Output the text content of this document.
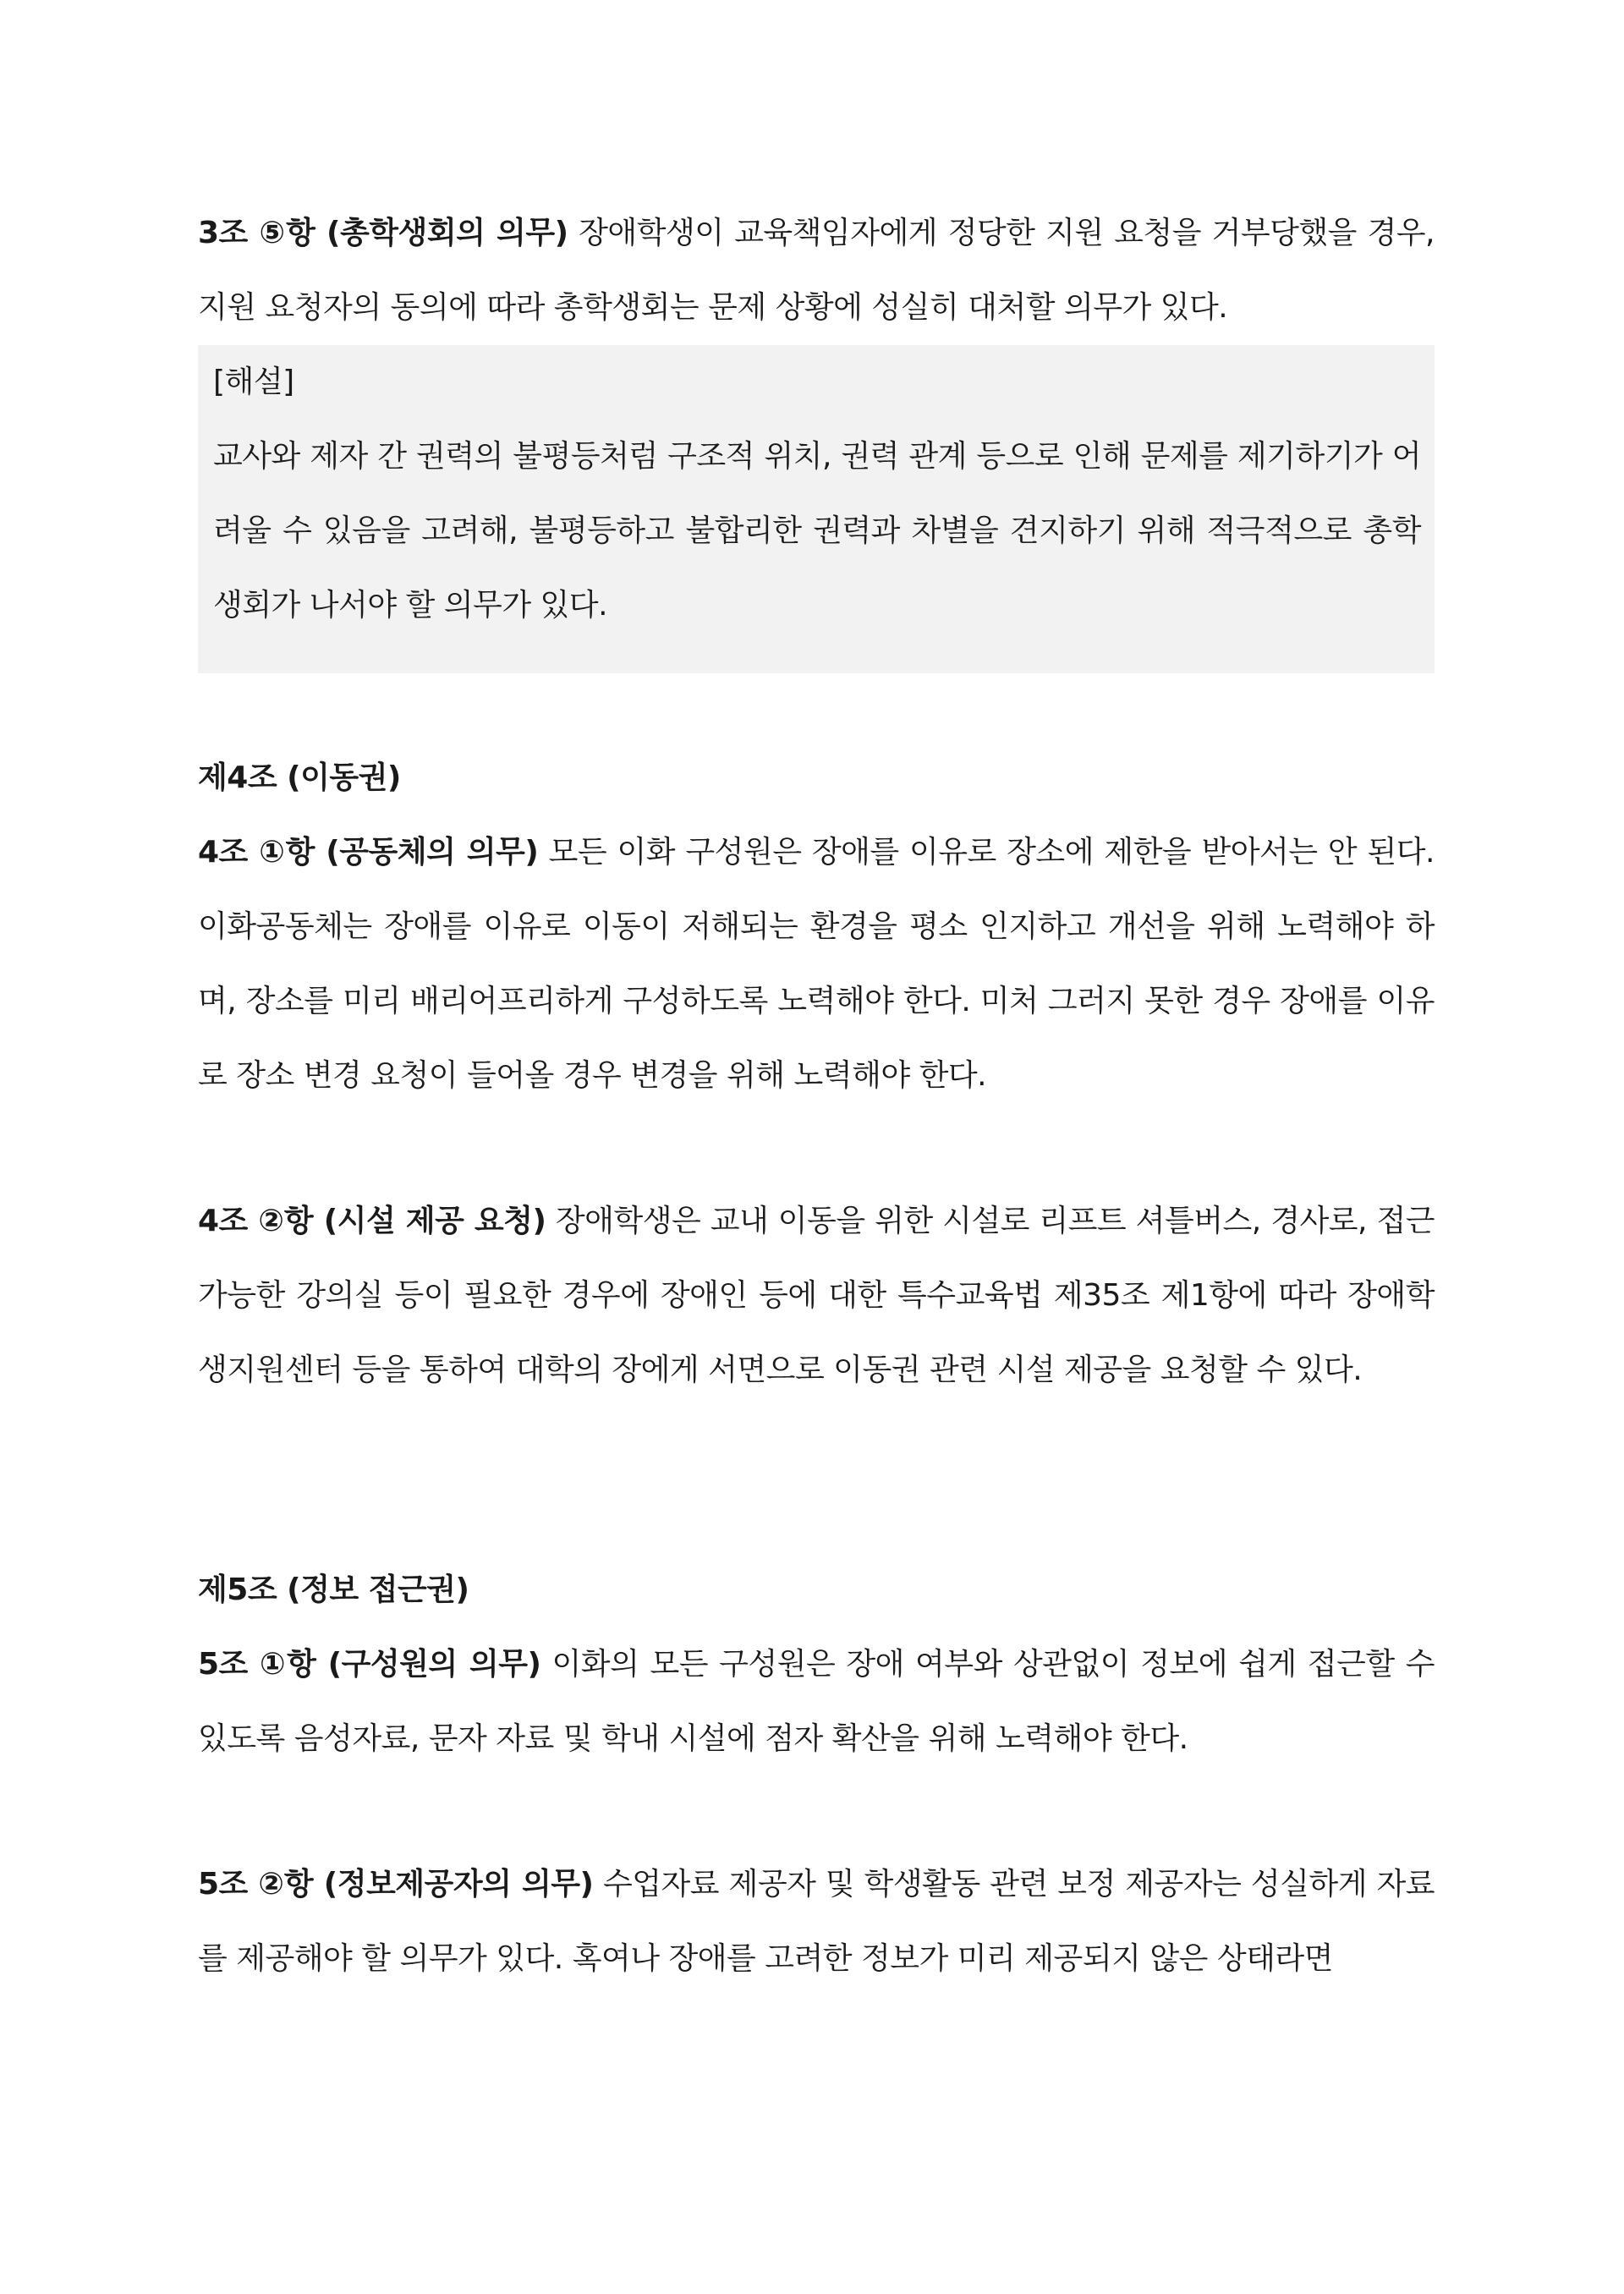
3조 ⑤항 (총학생회의 의무) 장애학생이 교육책임자에게 정당한 지원 요청을 거부당했을 경우, 지원 요청자의 동의에 따라 총학생회는 문제 상황에 성실히 대처할 의무가 있다.
[해설]
교사와 제자 간 권력의 불평등처럼 구조적 위치, 권력 관계 등으로 인해 문제를 제기하기가 어려울 수 있음을 고려해, 불평등하고 불합리한 권력과 차별을 견지하기 위해 적극적으로 총학생회가 나서야 할 의무가 있다.
제4조 (이동권)
4조 ①항 (공동체의 의무) 모든 이화 구성원은 장애를 이유로 장소에 제한을 받아서는 안 된다. 이화공동체는 장애를 이유로 이동이 저해되는 환경을 평소 인지하고 개선을 위해 노력해야 하며, 장소를 미리 배리어프리하게 구성하도록 노력해야 한다. 미처 그러지 못한 경우 장애를 이유로 장소 변경 요청이 들어올 경우 변경을 위해 노력해야 한다.
4조 ②항 (시설 제공 요청) 장애학생은 교내 이동을 위한 시설로 리프트 셔틀버스, 경사로, 접근 가능한 강의실 등이 필요한 경우에 장애인 등에 대한 특수교육법 제35조 제1항에 따라 장애학생지원센터 등을 통하여 대학의 장에게 서면으로 이동권 관련 시설 제공을 요청할 수 있다.
제5조 (정보 접근권)
5조 ①항 (구성원의 의무) 이화의 모든 구성원은 장애 여부와 상관없이 정보에 쉽게 접근할 수 있도록 음성자료, 문자 자료 및 학내 시설에 점자 확산을 위해 노력해야 한다.
5조 ②항 (정보제공자의 의무) 수업자료 제공자 및 학생활동 관련 보정 제공자는 성실하게 자료를 제공해야 할 의무가 있다. 혹여나 장애를 고려한 정보가 미리 제공되지 않은 상태라면
